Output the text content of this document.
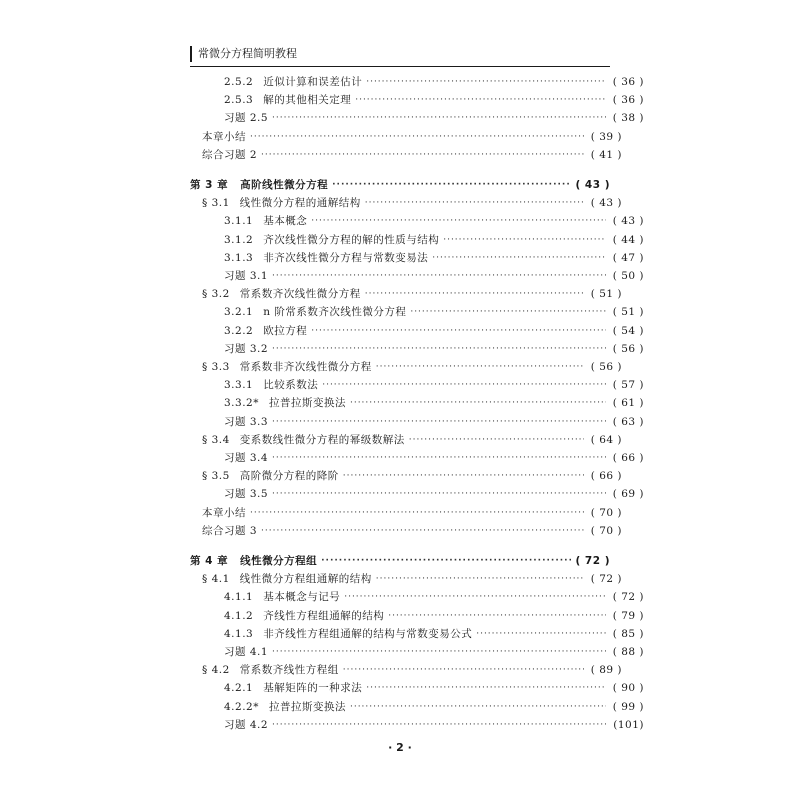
常微分方程简明教程
2.5.2 近似计算和误差估计 ·····	( 36 )
2.5.3 解的其他相关定理 ·····	( 36 )
习题 2.5 ·····	( 38 )
本章小结 ·····	( 39 )
综合习题 2 ·····	( 41 )
第 3 章 高阶线性微分方程 ·····	( 43 )
§ 3.1 线性微分方程的通解结构 ·····	( 43 )
3.1.1 基本概念 ·····	( 43 )
3.1.2 齐次线性微分方程的解的性质与结构 ·····	( 44 )
3.1.3 非齐次线性微分方程与常数变易法 ·····	( 47 )
习题 3.1 ·····	( 50 )
§ 3.2 常系数齐次线性微分方程 ·····	( 51 )
3.2.1 n 阶常系数齐次线性微分方程 ·····	( 51 )
3.2.2 欧拉方程 ·····	( 54 )
习题 3.2 ·····	( 56 )
§ 3.3 常系数非齐次线性微分方程 ·····	( 56 )
3.3.1 比较系数法 ·····	( 57 )
3.3.2* 拉普拉斯变换法 ·····	( 61 )
习题 3.3 ·····	( 63 )
§ 3.4 变系数线性微分方程的幂级数解法 ·····	( 64 )
习题 3.4 ·····	( 66 )
§ 3.5 高阶微分方程的降阶 ·····	( 66 )
习题 3.5 ·····	( 69 )
本章小结 ·····	( 70 )
综合习题 3 ·····	( 70 )
第 4 章 线性微分方程组 ·····	( 72 )
§ 4.1 线性微分方程组通解的结构 ·····	( 72 )
4.1.1 基本概念与记号 ·····	( 72 )
4.1.2 齐线性方程组通解的结构 ·····	( 79 )
4.1.3 非齐线性方程组通解的结构与常数变易公式 ·····	( 85 )
习题 4.1 ·····	( 88 )
§ 4.2 常系数齐线性方程组 ·····	( 89 )
4.2.1 基解矩阵的一种求法 ·····	( 90 )
4.2.2* 拉普拉斯变换法 ·····	( 99 )
习题 4.2 ·····	(101)
· 2 ·
